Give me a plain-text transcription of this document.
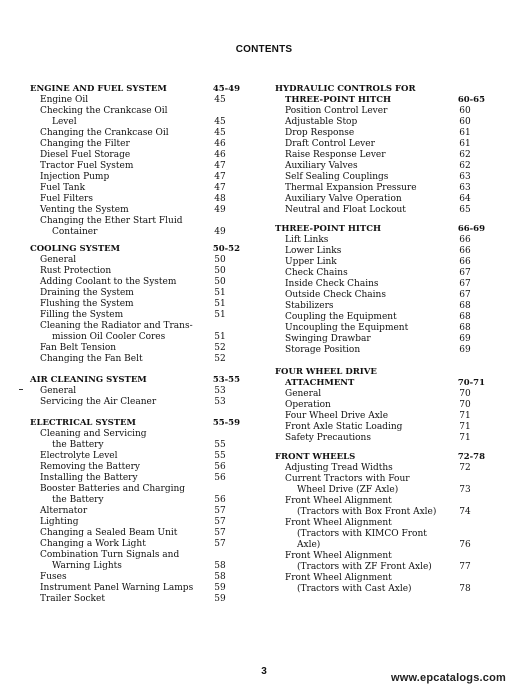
CONTENTS
ENGINE AND FUEL SYSTEM	45-49
Engine Oil	45
Checking the Crankcase Oil
Level	45
Changing the Crankcase Oil	45
Changing the Filter	46
Diesel Fuel Storage	46
Tractor Fuel System	47
Injection Pump	47
Fuel Tank	47
Fuel Filters	48
Venting the System	49
Changing the Ether Start Fluid
Container	49
COOLING SYSTEM	50-52
General	50
Rust Protection	50
Adding Coolant to the System	50
Draining the System	51
Flushing the System	51
Filling the System	51
Cleaning the Radiator and Trans-
mission Oil Cooler Cores	51
Fan Belt Tension	52
Changing the Fan Belt	52
AIR CLEANING SYSTEM	53-55
General	53
Servicing the Air Cleaner	53
ELECTRICAL SYSTEM	55-59
Cleaning and Servicing
the Battery	55
Electrolyte Level	55
Removing the Battery	56
Installing the Battery	56
Booster Batteries and Charging
the Battery	56
Alternator	57
Lighting	57
Changing a Sealed Beam Unit	57
Changing a Work Light	57
Combination Turn Signals and
Warning Lights	58
Fuses	58
Instrument Panel Warning Lamps	59
Trailer Socket	59
HYDRAULIC CONTROLS FOR
THREE-POINT HITCH	60-65
Position Control Lever	60
Adjustable Stop	60
Drop Response	61
Draft Control Lever	61
Raise Response Lever	62
Auxiliary Valves	62
Self Sealing Couplings	63
Thermal Expansion Pressure	63
Auxiliary Valve Operation	64
Neutral and Float Lockout	65
THREE-POINT HITCH	66-69
Lift Links	66
Lower Links	66
Upper Link	66
Check Chains	67
Inside Check Chains	67
Outside Check Chains	67
Stabilizers	68
Coupling the Equipment	68
Uncoupling the Equipment	68
Swinging Drawbar	69
Storage Position	69
FOUR WHEEL DRIVE
ATTACHMENT	70-71
General	70
Operation	70
Four Wheel Drive Axle	71
Front Axle Static Loading	71
Safety Precautions	71
FRONT WHEELS	72-78
Adjusting Tread Widths	72
Current Tractors with Four
Wheel Drive (ZF Axle)	73
Front Wheel Alignment
(Tractors with Box Front Axle)	74
Front Wheel Alignment
(Tractors with KIMCO Front
Axle)	76
Front Wheel Alignment
(Tractors with ZF Front Axle)	77
Front Wheel Alignment
(Tractors with Cast Axle)	78
3
www.epcatalogs.com
